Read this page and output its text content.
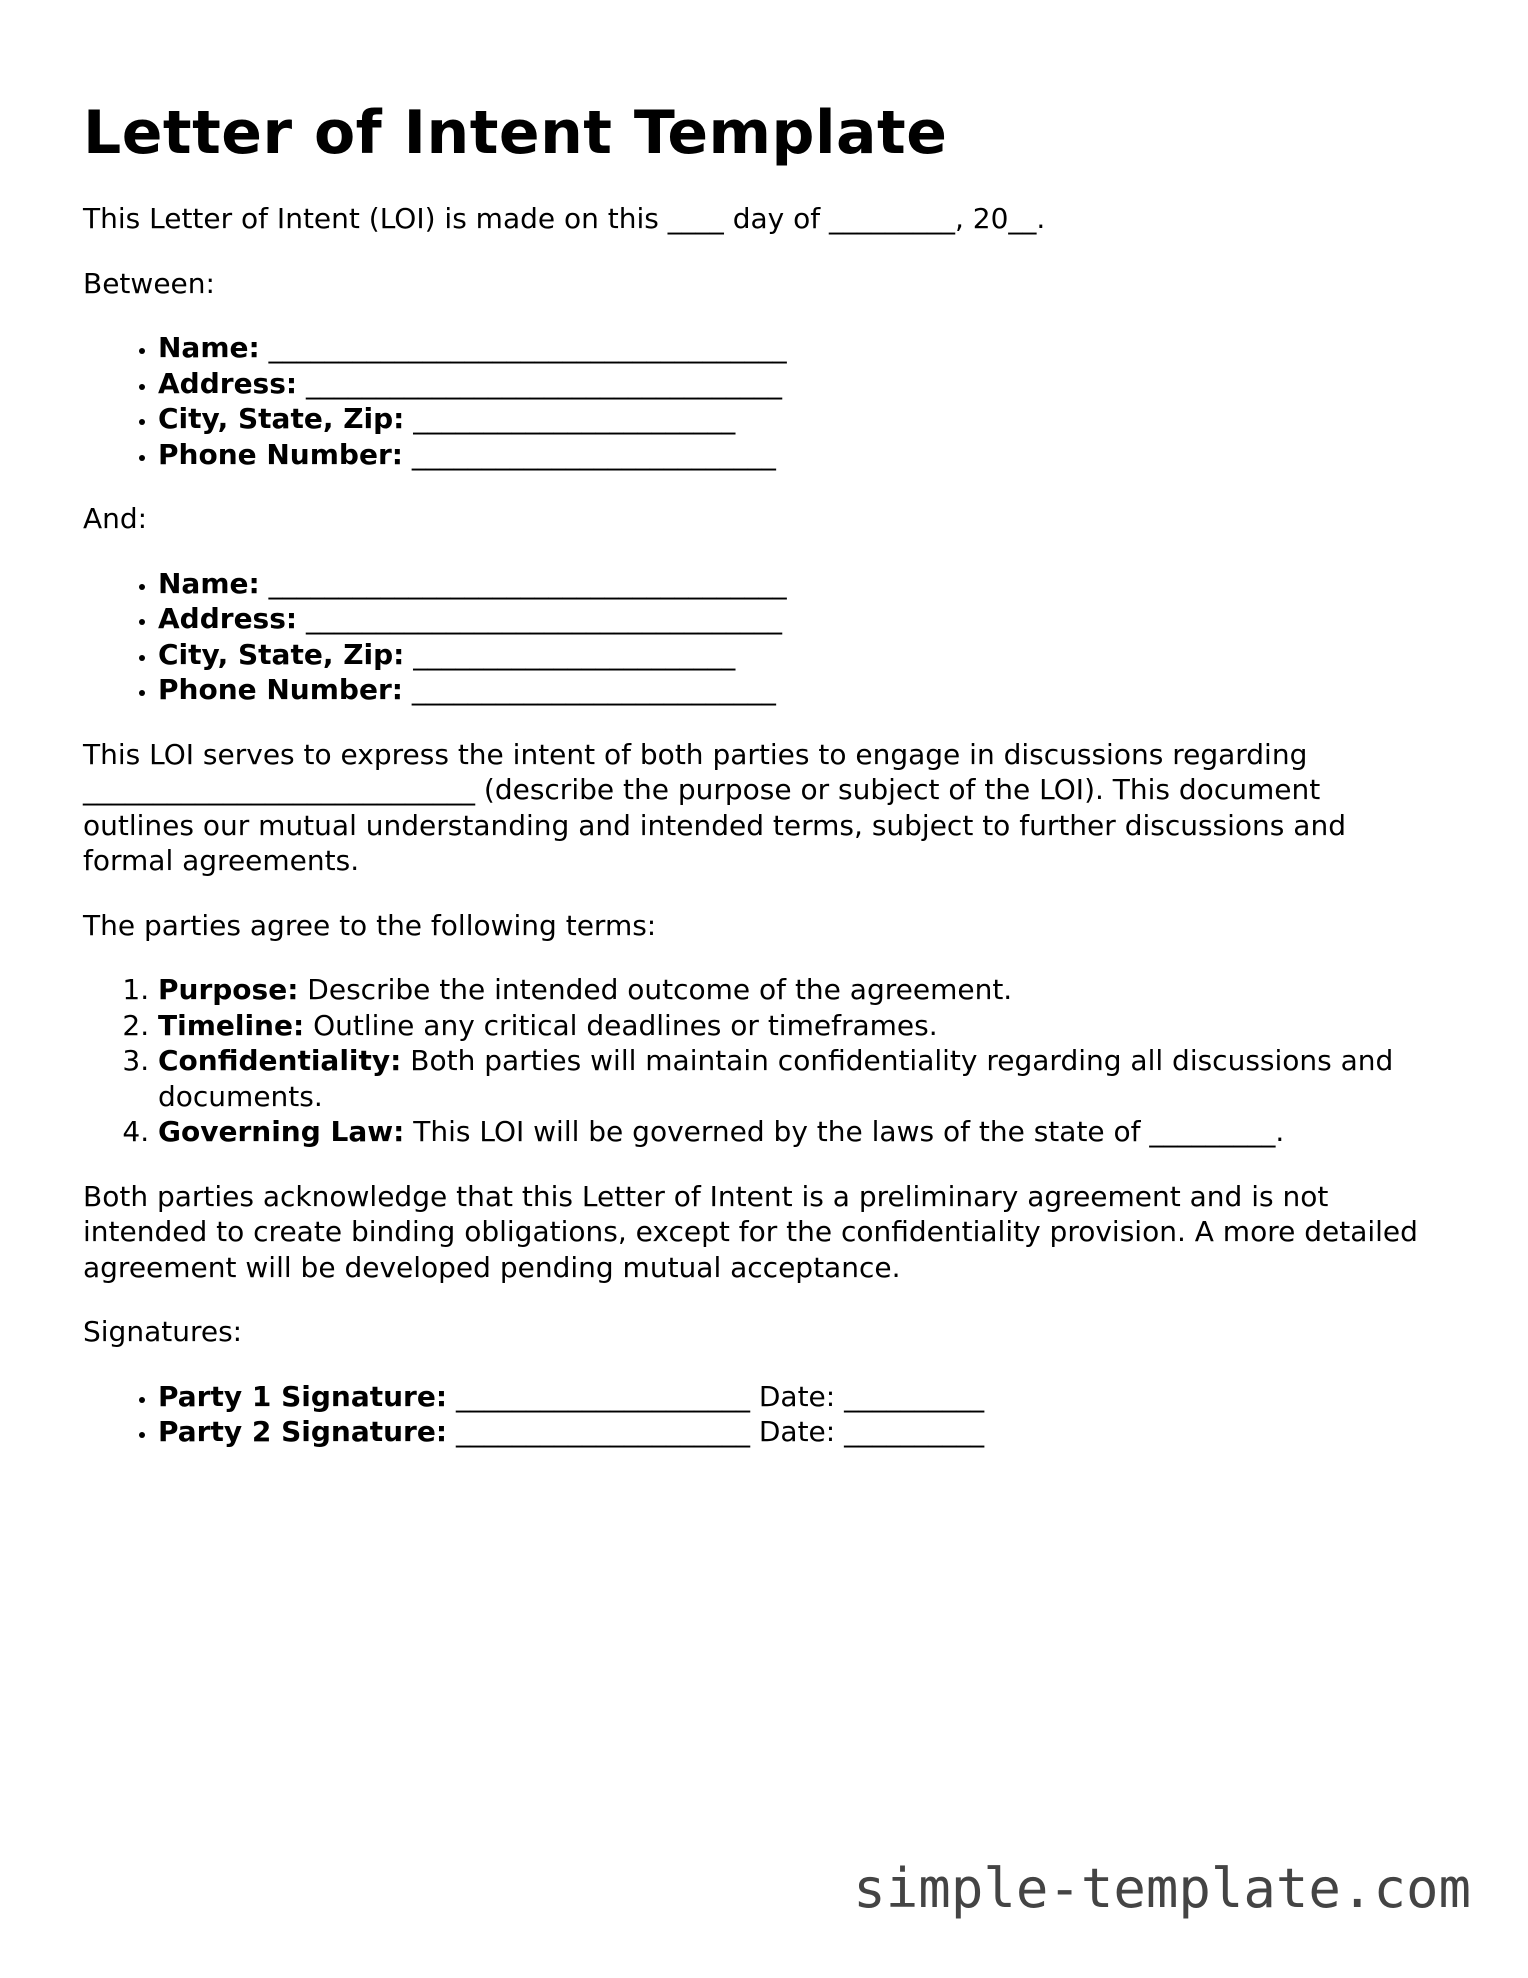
Letter of Intent Template

This Letter of Intent (LOI) is made on this ____ day of _________, 20__.

Between:

• Name: _____________________________________
• Address: __________________________________
• City, State, Zip: _______________________
• Phone Number: __________________________

And:

• Name: _____________________________________
• Address: __________________________________
• City, State, Zip: _______________________
• Phone Number: __________________________

This LOI serves to express the intent of both parties to engage in discussions regarding ____________________________ (describe the purpose or subject of the LOI). This document outlines our mutual understanding and intended terms, subject to further discussions and formal agreements.

The parties agree to the following terms:

1. Purpose: Describe the intended outcome of the agreement.
2. Timeline: Outline any critical deadlines or timeframes.
3. Confidentiality: Both parties will maintain confidentiality regarding all discussions and documents.
4. Governing Law: This LOI will be governed by the laws of the state of _________.

Both parties acknowledge that this Letter of Intent is a preliminary agreement and is not intended to create binding obligations, except for the confidentiality provision. A more detailed agreement will be developed pending mutual acceptance.

Signatures:

• Party 1 Signature: _____________________ Date: __________
• Party 2 Signature: _____________________ Date: __________
simple-template.com
